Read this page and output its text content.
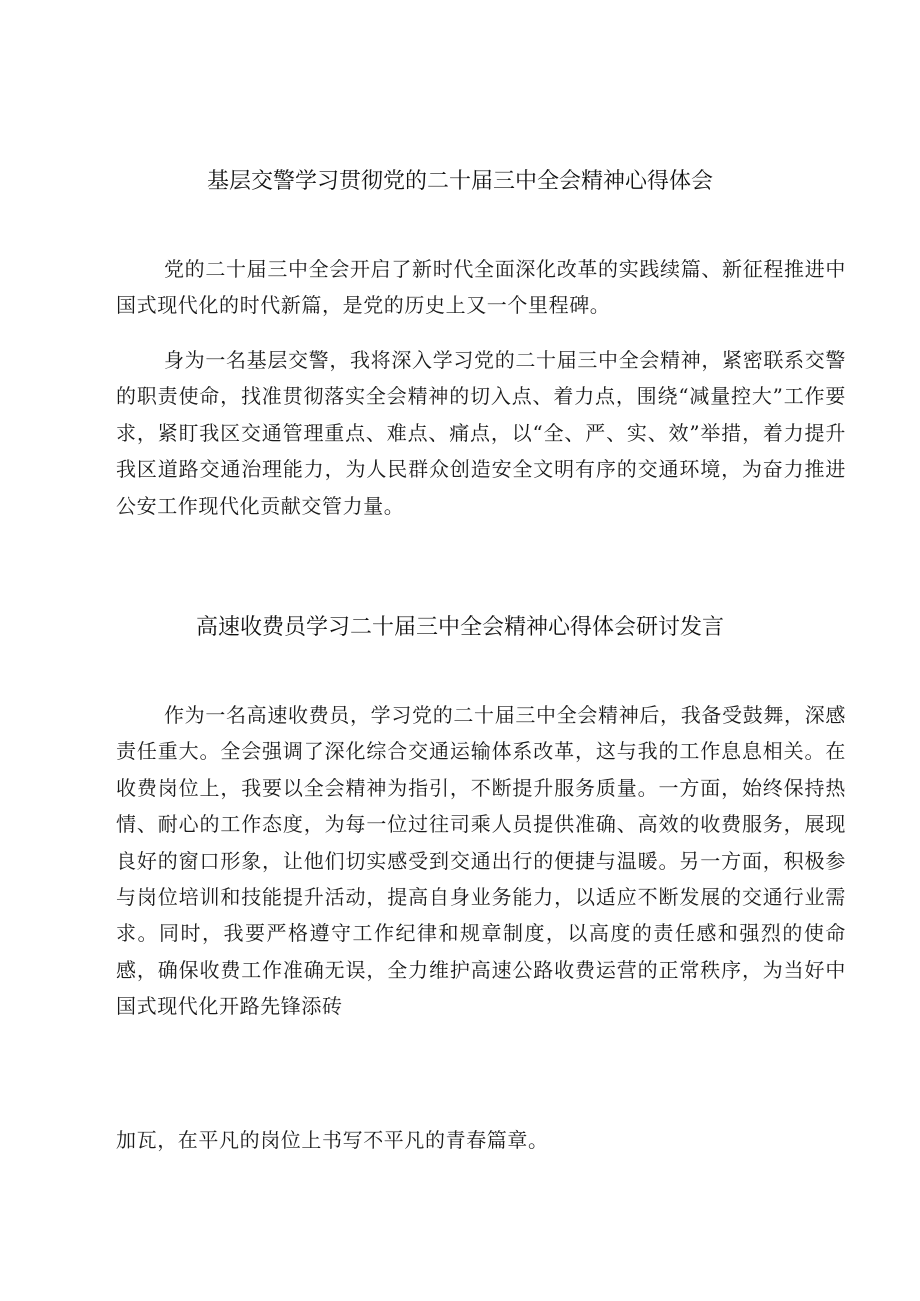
基层交警学习贯彻党的二十届三中全会精神心得体会

党的二十届三中全会开启了新时代全面深化改革的实践续篇、新征程推进中国式现代化的时代新篇，是党的历史上又一个里程碑。

身为一名基层交警，我将深入学习党的二十届三中全会精神，紧密联系交警的职责使命，找准贯彻落实全会精神的切入点、着力点，围绕“减量控大”工作要求，紧盯我区交通管理重点、难点、痛点，以“全、严、实、效”举措，着力提升我区道路交通治理能力，为人民群众创造安全文明有序的交通环境，为奋力推进公安工作现代化贡献交管力量。

高速收费员学习二十届三中全会精神心得体会研讨发言

作为一名高速收费员，学习党的二十届三中全会精神后，我备受鼓舞，深感责任重大。全会强调了深化综合交通运输体系改革，这与我的工作息息相关。在收费岗位上，我要以全会精神为指引，不断提升服务质量。一方面，始终保持热情、耐心的工作态度，为每一位过往司乘人员提供准确、高效的收费服务，展现良好的窗口形象，让他们切实感受到交通出行的便捷与温暖。另一方面，积极参与岗位培训和技能提升活动，提高自身业务能力，以适应不断发展的交通行业需求。同时，我要严格遵守工作纪律和规章制度，以高度的责任感和强烈的使命感，确保收费工作准确无误，全力维护高速公路收费运营的正常秩序，为当好中国式现代化开路先锋添砖

加瓦，在平凡的岗位上书写不平凡的青春篇章。
